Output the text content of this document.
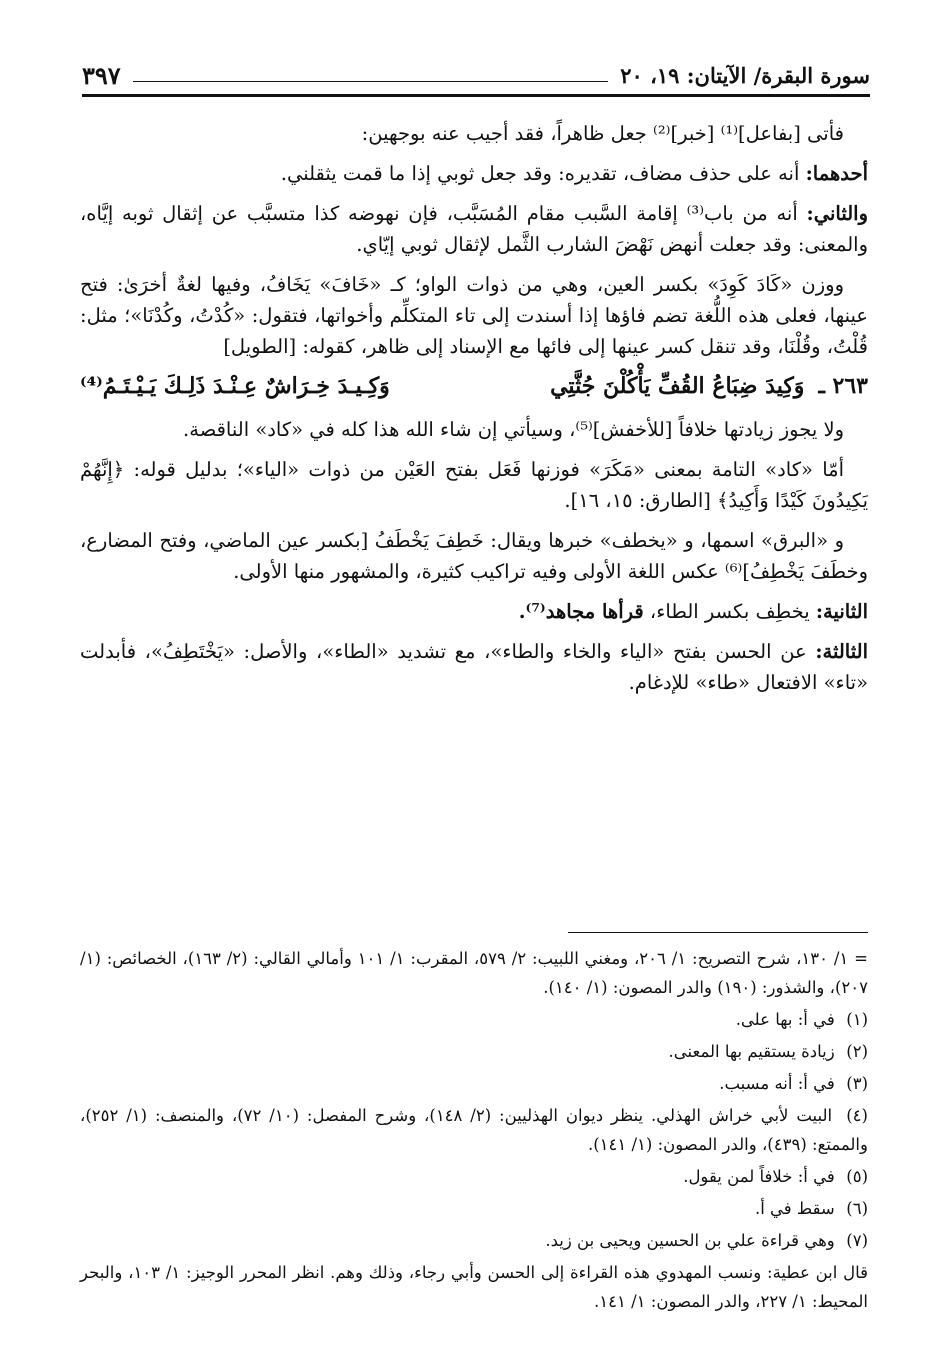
سورة البقرة/ الآيتان: ١٩، ٢٠
٣٩٧

فأتى [بفاعل]⁽¹⁾ [خبر]⁽²⁾ جعل ظاهراً، فقد أجيب عنه بوجهين:

أحدهما: أنه على حذف مضاف، تقديره: وقد جعل ثوبي إذا ما قمت يثقلني.

والثاني: أنه من باب⁽³⁾ إقامة السَّبب مقام المُسَبَّب، فإن نهوضه كذا متسبَّب عن إثقال ثوبه إيَّاه، والمعنى: وقد جعلت أنهض نَهْضَ الشارب الثَّمل لإثقال ثوبي إيّاي.

ووزن «كَادَ كَوِدَ» بكسر العين، وهي من ذوات الواو؛ كـ «خَافَ» يَخَافُ، وفيها لغةٌ أخرَىٰ: فتح عينها، فعلى هذه اللُّغة تضم فاؤها إذا أسندت إلى تاء المتكلِّم وأخواتها، فتقول: «كُدْتُ، وكُدْنَا»؛ مثل: قُلْتُ، وقُلْنَا، وقد تنقل كسر عينها إلى فائها مع الإسناد إلى ظاهر، كقوله: [الطويل]

٢٦٣ ـ
وَكِيدَ ضِبَاعُ القُفِّ يَأْكُلْنَ جُثَّتِي
وَكِـيـدَ خِـرَاشٌ عِـنْـدَ ذَلِـكَ يَـيْـتَـمُ⁽⁴⁾

ولا يجوز زيادتها خلافاً [للأخفش]⁽⁵⁾، وسيأتي إن شاء الله هذا كله في «كاد» الناقصة.

أمّا «كاد» التامة بمعنى «مَكَرَ» فوزنها فَعَل بفتح العَيْن من ذوات «الياء»؛ بدليل قوله: ﴿إِنَّهُمْ يَكِيدُونَ كَيْدًا وَأَكِيدُ﴾ [الطارق: ١٥، ١٦].

و «البرق» اسمها، و «يخطف» خبرها ويقال: خَطِفَ يَخْطَفُ [بكسر عين الماضي، وفتح المضارع، وخطَفَ يَخْطِفُ]⁽⁶⁾ عكس اللغة الأولى وفيه تراكيب كثيرة، والمشهور منها الأولى.

الثانية: يخطِف بكسر الطاء، قرأها مجاهد⁽⁷⁾.

الثالثة: عن الحسن بفتح «الياء والخاء والطاء»، مع تشديد «الطاء»، والأصل: «يَخْتَطِفُ»، فأبدلت «تاء» الافتعال «طاء» للإدغام.

= ١/ ١٣٠، شرح التصريح: ١/ ٢٠٦، ومغني اللبيب: ٢/ ٥٧٩، المقرب: ١/ ١٠١ وأمالي القالي: (٢/ ١٦٣)، الخصائص: (١/ ٢٠٧)، والشذور: (١٩٠) والدر المصون: (١/ ١٤٠).

(١) في أ: بها على.

(٢) زيادة يستقيم بها المعنى.

(٣) في أ: أنه مسبب.

(٤) البيت لأبي خراش الهذلي. ينظر ديوان الهذليين: (٢/ ١٤٨)، وشرح المفصل: (١٠/ ٧٢)، والمنصف: (١/ ٢٥٢)، والممتع: (٤٣٩)، والدر المصون: (١/ ١٤١).

(٥) في أ: خلافاً لمن يقول.

(٦) سقط في أ.

(٧) وهي قراءة علي بن الحسين ويحيى بن زيد.

قال ابن عطية: ونسب المهدوي هذه القراءة إلى الحسن وأبي رجاء، وذلك وهم. انظر المحرر الوجيز: ١/ ١٠٣، والبحر المحيط: ١/ ٢٢٧، والدر المصون: ١/ ١٤١.
